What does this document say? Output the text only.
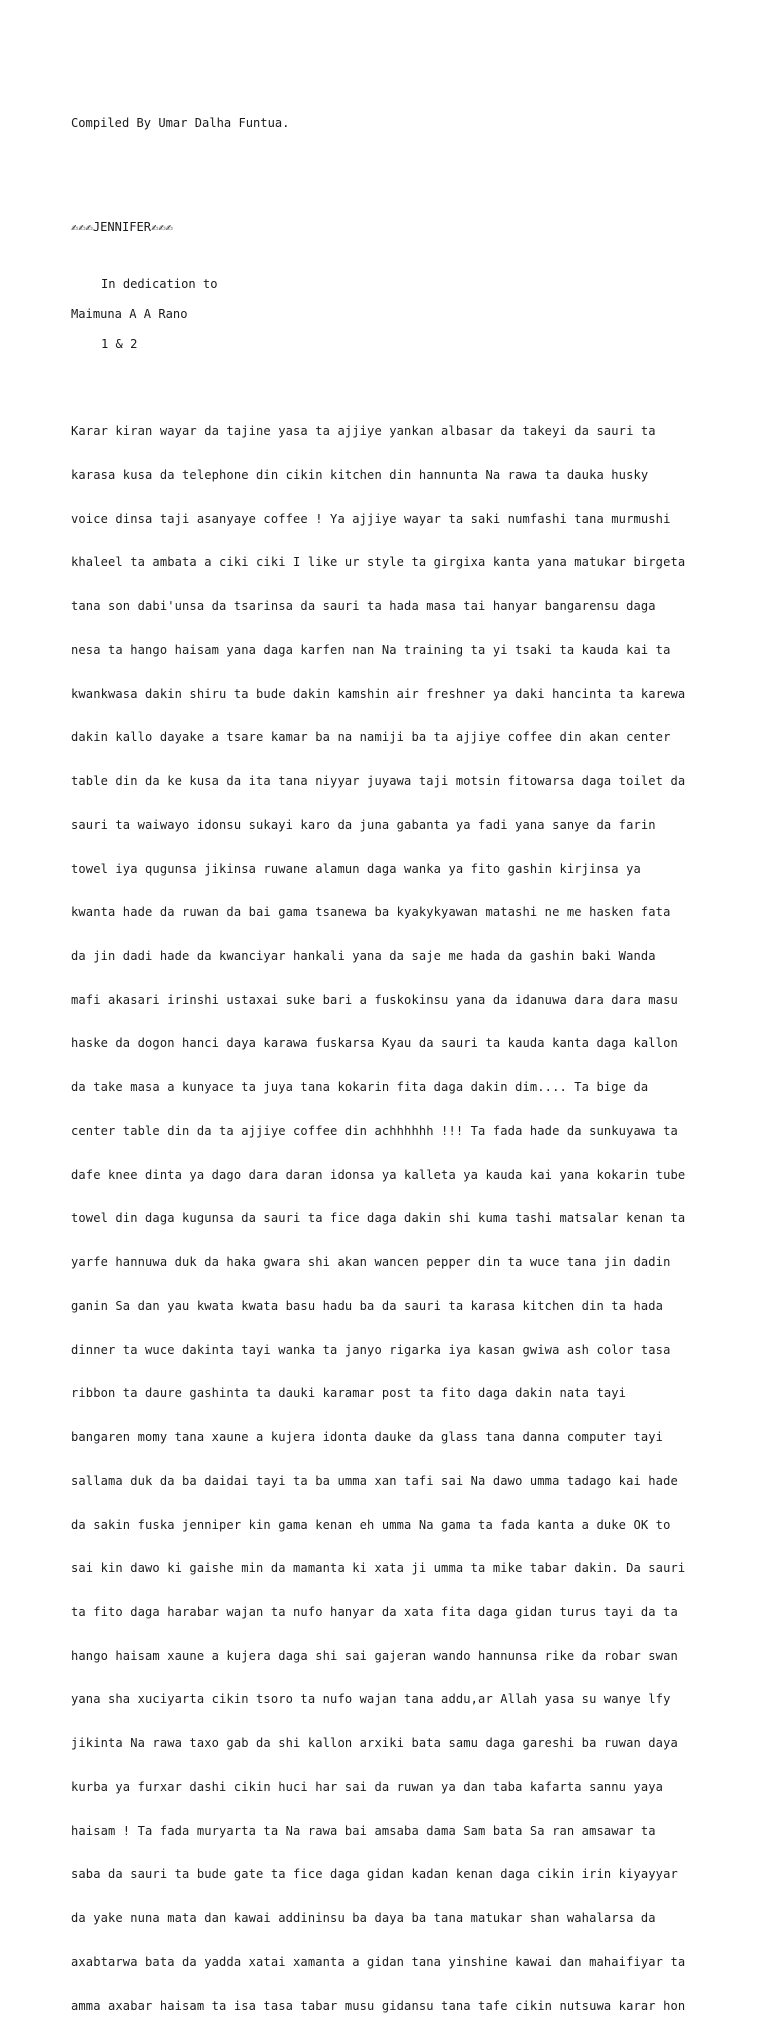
Compiled By Umar Dalha Funtua.

✍✍✍JENNIFER✍✍✍

In dedication to

Maimuna A A Rano

1 & 2

Karar kiran wayar da tajine yasa ta ajjiye yankan albasar da takeyi da sauri ta

karasa kusa da telephone din cikin kitchen din hannunta Na rawa ta dauka husky

voice dinsa taji asanyaye coffee ! Ya ajjiye wayar ta saki numfashi tana murmushi

khaleel ta ambata a ciki ciki I like ur style ta girgixa kanta yana matukar birgeta

tana son dabi'unsa da tsarinsa da sauri ta hada masa tai hanyar bangarensu daga

nesa ta hango haisam yana daga karfen nan Na training ta yi tsaki ta kauda kai ta

kwankwasa dakin shiru ta bude dakin kamshin air freshner ya daki hancinta ta karewa

dakin kallo dayake a tsare kamar ba na namiji ba ta ajjiye coffee din akan center

table din da ke kusa da ita tana niyyar juyawa taji motsin fitowarsa daga toilet da

sauri ta waiwayo idonsu sukayi karo da juna gabanta ya fadi yana sanye da farin

towel iya qugunsa jikinsa ruwane alamun daga wanka ya fito gashin kirjinsa ya

kwanta hade da ruwan da bai gama tsanewa ba kyakykyawan matashi ne me hasken fata

da jin dadi hade da kwanciyar hankali yana da saje me hada da gashin baki Wanda

mafi akasari irinshi ustaxai suke bari a fuskokinsu yana da idanuwa dara dara masu

haske da dogon hanci daya karawa fuskarsa Kyau da sauri ta kauda kanta daga kallon

da take masa a kunyace ta juya tana kokarin fita daga dakin dim.... Ta bige da

center table din da ta ajjiye coffee din achhhhhh !!! Ta fada hade da sunkuyawa ta

dafe knee dinta ya dago dara daran idonsa ya kalleta ya kauda kai yana kokarin tube

towel din daga kugunsa da sauri ta fice daga dakin shi kuma tashi matsalar kenan ta

yarfe hannuwa duk da haka gwara shi akan wancen pepper din ta wuce tana jin dadin

ganin Sa dan yau kwata kwata basu hadu ba da sauri ta karasa kitchen din ta hada

dinner ta wuce dakinta tayi wanka ta janyo rigarka iya kasan gwiwa ash color tasa

ribbon ta daure gashinta ta dauki karamar post ta fito daga dakin nata tayi

bangaren momy tana xaune a kujera idonta dauke da glass tana danna computer tayi

sallama duk da ba daidai tayi ta ba umma xan tafi sai Na dawo umma tadago kai hade

da sakin fuska jenniper kin gama kenan eh umma Na gama ta fada kanta a duke OK to

sai kin dawo ki gaishe min da mamanta ki xata ji umma ta mike tabar dakin. Da sauri

ta fito daga harabar wajan ta nufo hanyar da xata fita daga gidan turus tayi da ta

hango haisam xaune a kujera daga shi sai gajeran wando hannunsa rike da robar swan

yana sha xuciyarta cikin tsoro ta nufo wajan tana addu,ar Allah yasa su wanye lfy

jikinta Na rawa taxo gab da shi kallon arxiki bata samu daga gareshi ba ruwan daya

kurba ya furxar dashi cikin huci har sai da ruwan ya dan taba kafarta sannu yaya

haisam ! Ta fada muryarta ta Na rawa bai amsaba dama Sam bata Sa ran amsawar ta

saba da sauri ta bude gate ta fice daga gidan kadan kenan daga cikin irin kiyayyar

da yake nuna mata dan kawai addininsu ba daya ba tana matukar shan wahalarsa da

axabtarwa bata da yadda xatai xamanta a gidan tana yinshine kawai dan mahaifiyar ta

amma axabar haisam ta isa tasa tabar musu gidansu tana tafe cikin nutsuwa karar hon
